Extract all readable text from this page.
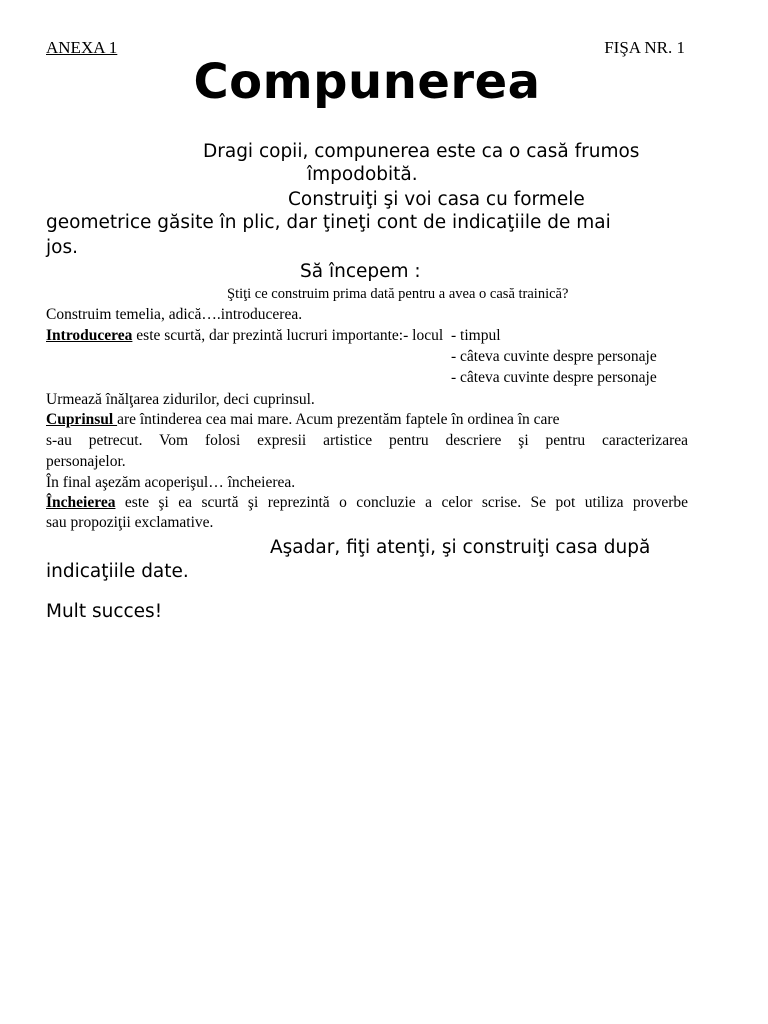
ANEXA 1	FIŞA NR. 1
Compunerea
Dragi copii, compunerea este ca o casă frumos
împodobită.
Construiţi şi voi casa cu formele
geometrice găsite în plic, dar ţineţi cont de indicaţiile de mai
jos.
Să începem :
Ştiţi ce construim prima dată pentru a avea o casă trainică?
Construim temelia, adică….introducerea.
Introducerea este scurtă, dar prezintă lucruri importante:- locul - timpul
- câteva cuvinte despre personaje
Urmează înălţarea zidurilor, deci cuprinsul.
Cuprinsul are întinderea cea mai mare. Acum prezentăm faptele în ordinea în care
s-au petrecut. Vom folosi expresii artistice pentru descriere şi pentru caracterizarea
personajelor.
În final aşezăm acoperişul… încheierea.
Încheierea este şi ea scurtă şi reprezintă o concluzie a celor scrise. Se pot utiliza proverbe
sau propoziţii exclamative.
Aşadar, fiţi atenţi, şi construiţi casa după
indicaţiile date.
Mult succes!
- câteva cuvinte despre personaje
